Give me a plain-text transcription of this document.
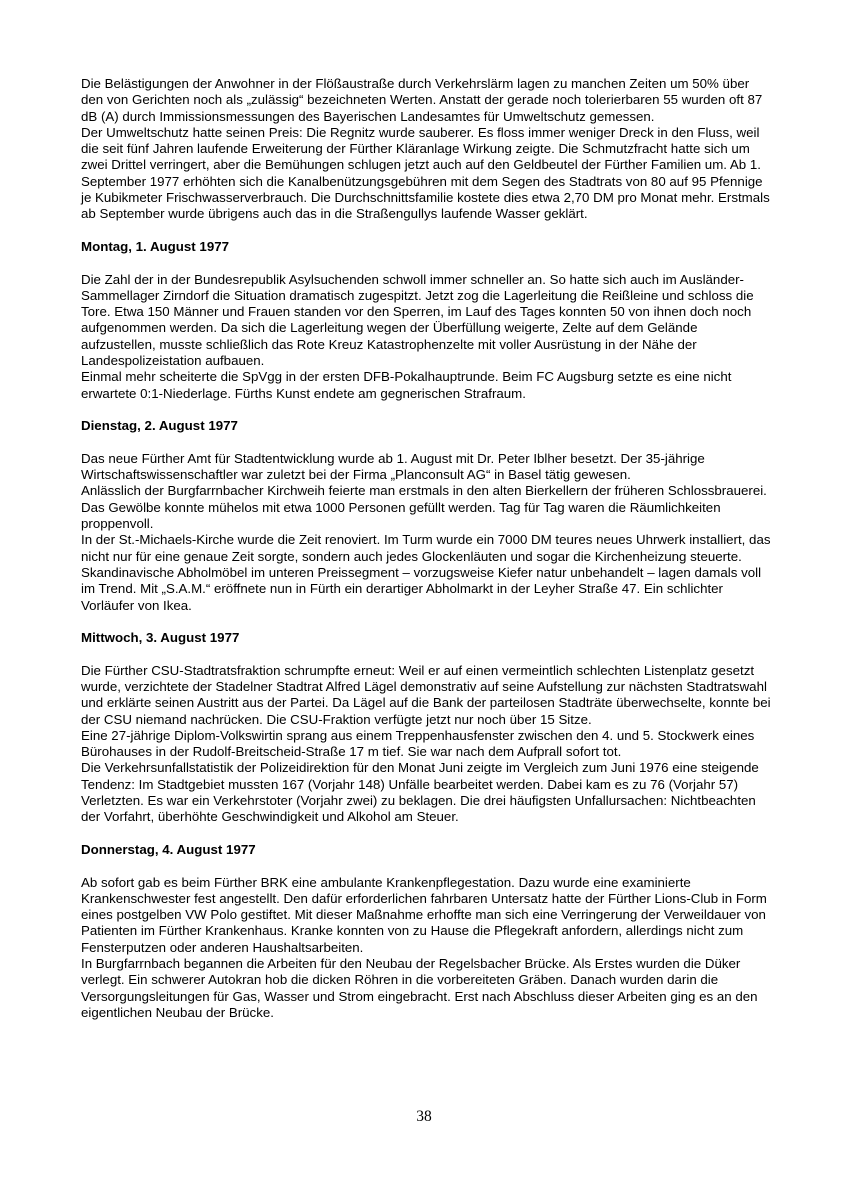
Die Belästigungen der Anwohner in der Flößaustraße durch Verkehrslärm lagen zu manchen Zeiten um 50% über den von Gerichten noch als „zulässig“ bezeichneten Werten. Anstatt der gerade noch tolerierbaren 55 wurden oft 87 dB (A) durch Immissionsmessungen des Bayerischen Landesamtes für Umweltschutz gemessen.

Der Umweltschutz hatte seinen Preis: Die Regnitz wurde sauberer. Es floss immer weniger Dreck in den Fluss, weil die seit fünf Jahren laufende Erweiterung der Fürther Kläranlage Wirkung zeigte. Die Schmutzfracht hatte sich um zwei Drittel verringert, aber die Bemühungen schlugen jetzt auch auf den Geldbeutel der Fürther Familien um. Ab 1. September 1977 erhöhten sich die Kanalbenützungsgebühren mit dem Segen des Stadtrats von 80 auf 95 Pfennige je Kubikmeter Frischwasserverbrauch. Die Durchschnittsfamilie kostete dies etwa 2,70 DM pro Monat mehr. Erstmals ab September wurde übrigens auch das in die Straßengullys laufende Wasser geklärt.

Montag, 1. August 1977

Die Zahl der in der Bundesrepublik Asylsuchenden schwoll immer schneller an. So hatte sich auch im Ausländer-Sammellager Zirndorf die Situation dramatisch zugespitzt. Jetzt zog die Lagerleitung die Reißleine und schloss die Tore. Etwa 150 Männer und Frauen standen vor den Sperren, im Lauf des Tages konnten 50 von ihnen doch noch aufgenommen werden. Da sich die Lagerleitung wegen der Überfüllung weigerte, Zelte auf dem Gelände aufzustellen, musste schließlich das Rote Kreuz Katastrophenzelte mit voller Ausrüstung in der Nähe der Landespolizeistation aufbauen.

Einmal mehr scheiterte die SpVgg in der ersten DFB-Pokalhauptrunde. Beim FC Augsburg setzte es eine nicht erwartete 0:1-Niederlage. Fürths Kunst endete am gegnerischen Strafraum.

Dienstag, 2. August 1977

Das neue Fürther Amt für Stadtentwicklung wurde ab 1. August mit Dr. Peter Iblher besetzt. Der 35-jährige Wirtschaftswissenschaftler war zuletzt bei der Firma „Planconsult AG“ in Basel tätig gewesen.

Anlässlich der Burgfarrnbacher Kirchweih feierte man erstmals in den alten Bierkellern der früheren Schlossbrauerei. Das Gewölbe konnte mühelos mit etwa 1000 Personen gefüllt werden. Tag für Tag waren die Räumlichkeiten proppenvoll.

In der St.-Michaels-Kirche wurde die Zeit renoviert. Im Turm wurde ein 7000 DM teures neues Uhrwerk installiert, das nicht nur für eine genaue Zeit sorgte, sondern auch jedes Glockenläuten und sogar die Kirchenheizung steuerte.

Skandinavische Abholmöbel im unteren Preissegment – vorzugsweise Kiefer natur unbehandelt – lagen damals voll im Trend. Mit „S.A.M.“ eröffnete nun in Fürth ein derartiger Abholmarkt in der Leyher Straße 47. Ein schlichter Vorläufer von Ikea.

Mittwoch, 3. August 1977

Die Fürther CSU-Stadtratsfraktion schrumpfte erneut: Weil er auf einen vermeintlich schlechten Listenplatz gesetzt wurde, verzichtete der Stadelner Stadtrat Alfred Lägel demonstrativ auf seine Aufstellung zur nächsten Stadtratswahl und erklärte seinen Austritt aus der Partei. Da Lägel auf die Bank der parteilosen Stadträte überwechselte, konnte bei der CSU niemand nachrücken. Die CSU-Fraktion verfügte jetzt nur noch über 15 Sitze.

Eine 27-jährige Diplom-Volkswirtin sprang aus einem Treppenhausfenster zwischen den 4. und 5. Stockwerk eines Bürohauses in der Rudolf-Breitscheid-Straße 17 m tief. Sie war nach dem Aufprall sofort tot.

Die Verkehrsunfallstatistik der Polizeidirektion für den Monat Juni zeigte im Vergleich zum Juni 1976 eine steigende Tendenz: Im Stadtgebiet mussten 167 (Vorjahr 148) Unfälle bearbeitet werden. Dabei kam es zu 76 (Vorjahr 57) Verletzten. Es war ein Verkehrstoter (Vorjahr zwei) zu beklagen. Die drei häufigsten Unfallursachen: Nichtbeachten der Vorfahrt, überhöhte Geschwindigkeit und Alkohol am Steuer.

Donnerstag, 4. August 1977

Ab sofort gab es beim Fürther BRK eine ambulante Krankenpflegestation. Dazu wurde eine examinierte Krankenschwester fest angestellt. Den dafür erforderlichen fahrbaren Untersatz hatte der Fürther Lions-Club in Form eines postgelben VW Polo gestiftet. Mit dieser Maßnahme erhoffte man sich eine Verringerung der Verweildauer von Patienten im Fürther Krankenhaus. Kranke konnten von zu Hause die Pflegekraft anfordern, allerdings nicht zum Fensterputzen oder anderen Haushaltsarbeiten.

In Burgfarrnbach begannen die Arbeiten für den Neubau der Regelsbacher Brücke. Als Erstes wurden die Düker verlegt. Ein schwerer Autokran hob die dicken Röhren in die vorbereiteten Gräben. Danach wurden darin die Versorgungsleitungen für Gas, Wasser und Strom eingebracht. Erst nach Abschluss dieser Arbeiten ging es an den eigentlichen Neubau der Brücke.

38
